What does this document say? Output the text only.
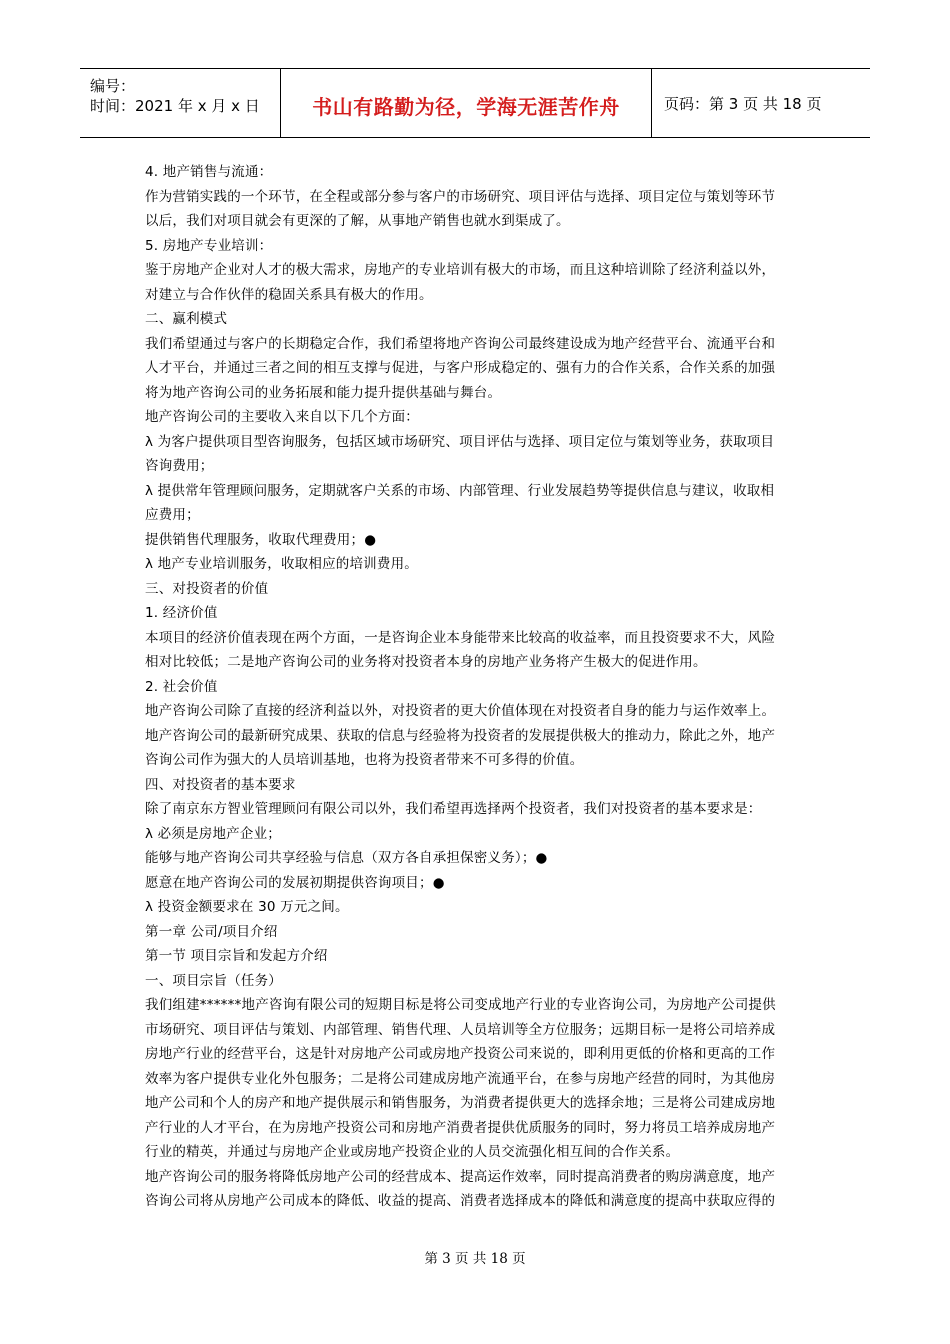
编号：
时间：2021 年 x 月 x 日	书山有路勤为径，学海无涯苦作舟	页码：第 3 页 共 18 页
4. 地产销售与流通：
作为营销实践的一个环节，在全程或部分参与客户的市场研究、项目评估与选择、项目定位与策划等环节
以后，我们对项目就会有更深的了解，从事地产销售也就水到渠成了。
5. 房地产专业培训：
鉴于房地产企业对人才的极大需求，房地产的专业培训有极大的市场，而且这种培训除了经济利益以外，
对建立与合作伙伴的稳固关系具有极大的作用。
二、赢利模式
我们希望通过与客户的长期稳定合作，我们希望将地产咨询公司最终建设成为地产经营平台、流通平台和
人才平台，并通过三者之间的相互支撑与促进，与客户形成稳定的、强有力的合作关系，合作关系的加强
将为地产咨询公司的业务拓展和能力提升提供基础与舞台。
地产咨询公司的主要收入来自以下几个方面：
λ 为客户提供项目型咨询服务，包括区域市场研究、项目评估与选择、项目定位与策划等业务，获取项目
咨询费用；
λ 提供常年管理顾问服务，定期就客户关系的市场、内部管理、行业发展趋势等提供信息与建议，收取相
应费用；
提供销售代理服务，收取代理费用；●
λ 地产专业培训服务，收取相应的培训费用。
三、对投资者的价值
1. 经济价值
本项目的经济价值表现在两个方面，一是咨询企业本身能带来比较高的收益率，而且投资要求不大，风险
相对比较低；二是地产咨询公司的业务将对投资者本身的房地产业务将产生极大的促进作用。
2. 社会价值
地产咨询公司除了直接的经济利益以外，对投资者的更大价值体现在对投资者自身的能力与运作效率上。
地产咨询公司的最新研究成果、获取的信息与经验将为投资者的发展提供极大的推动力，除此之外，地产
咨询公司作为强大的人员培训基地，也将为投资者带来不可多得的价值。
四、对投资者的基本要求
除了南京东方智业管理顾问有限公司以外，我们希望再选择两个投资者，我们对投资者的基本要求是：
λ 必须是房地产企业；
能够与地产咨询公司共享经验与信息（双方各自承担保密义务）；●
愿意在地产咨询公司的发展初期提供咨询项目；●
λ 投资金额要求在 30 万元之间。
第一章 公司/项目介绍
第一节 项目宗旨和发起方介绍
一、项目宗旨（任务）
我们组建******地产咨询有限公司的短期目标是将公司变成地产行业的专业咨询公司，为房地产公司提供
市场研究、项目评估与策划、内部管理、销售代理、人员培训等全方位服务；远期目标一是将公司培养成
房地产行业的经营平台，这是针对房地产公司或房地产投资公司来说的，即利用更低的价格和更高的工作
效率为客户提供专业化外包服务；二是将公司建成房地产流通平台，在参与房地产经营的同时，为其他房
地产公司和个人的房产和地产提供展示和销售服务，为消费者提供更大的选择余地；三是将公司建成房地
产行业的人才平台，在为房地产投资公司和房地产消费者提供优质服务的同时，努力将员工培养成房地产
行业的精英，并通过与房地产企业或房地产投资企业的人员交流强化相互间的合作关系。
地产咨询公司的服务将降低房地产公司的经营成本、提高运作效率，同时提高消费者的购房满意度，地产
咨询公司将从房地产公司成本的降低、收益的提高、消费者选择成本的降低和满意度的提高中获取应得的
第 3 页 共 18 页
